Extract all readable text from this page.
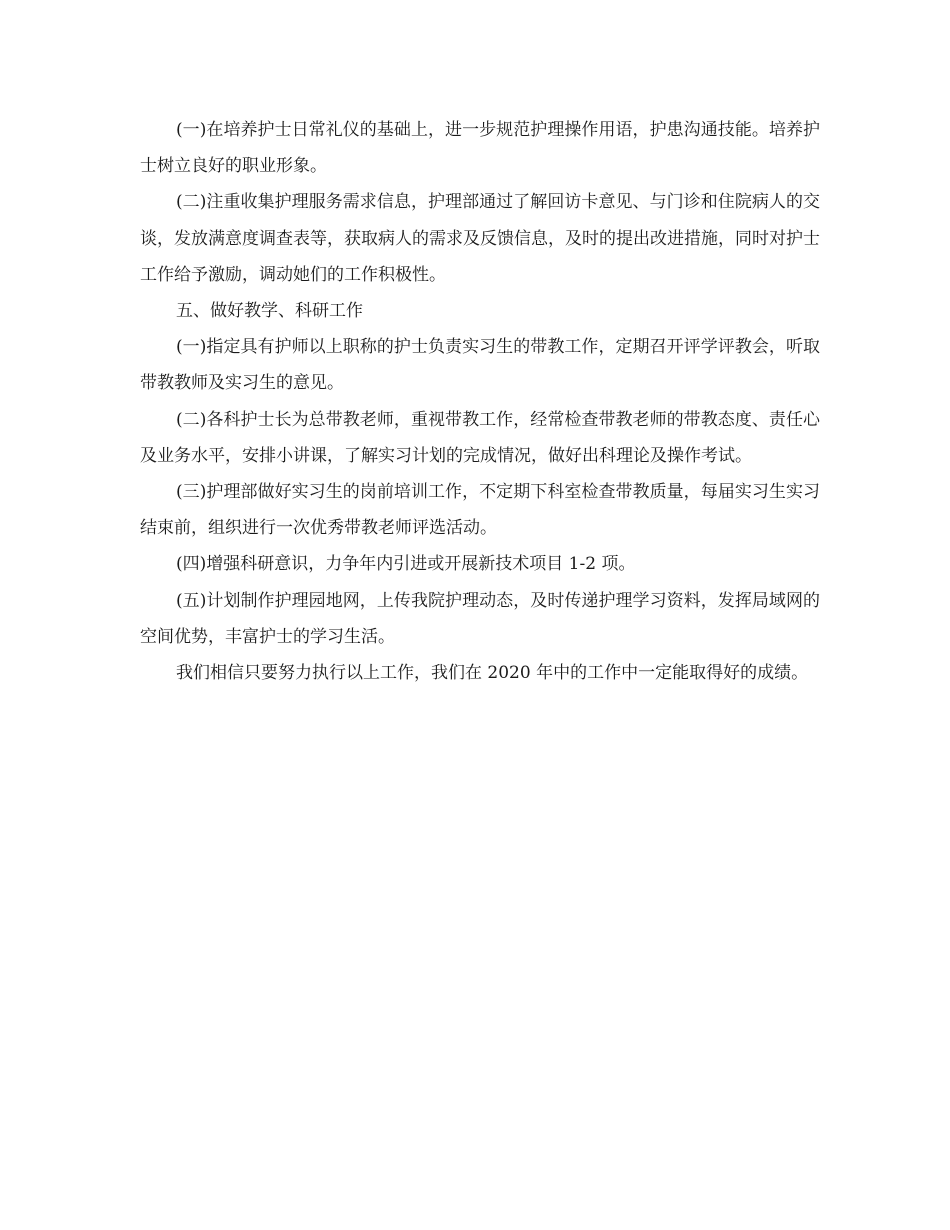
(一)在培养护士日常礼仪的基础上，进一步规范护理操作用语，护患沟通技能。培养护士树立良好的职业形象。

(二)注重收集护理服务需求信息，护理部通过了解回访卡意见、与门诊和住院病人的交谈，发放满意度调查表等，获取病人的需求及反馈信息，及时的提出改进措施，同时对护士工作给予激励，调动她们的工作积极性。

五、做好教学、科研工作

(一)指定具有护师以上职称的护士负责实习生的带教工作，定期召开评学评教会，听取带教教师及实习生的意见。

(二)各科护士长为总带教老师，重视带教工作，经常检查带教老师的带教态度、责任心及业务水平，安排小讲课，了解实习计划的完成情况，做好出科理论及操作考试。

(三)护理部做好实习生的岗前培训工作，不定期下科室检查带教质量，每届实习生实习结束前，组织进行一次优秀带教老师评选活动。

(四)增强科研意识，力争年内引进或开展新技术项目 1-2 项。

(五)计划制作护理园地网，上传我院护理动态，及时传递护理学习资料，发挥局域网的空间优势，丰富护士的学习生活。

我们相信只要努力执行以上工作，我们在 2020 年中的工作中一定能取得好的成绩。
